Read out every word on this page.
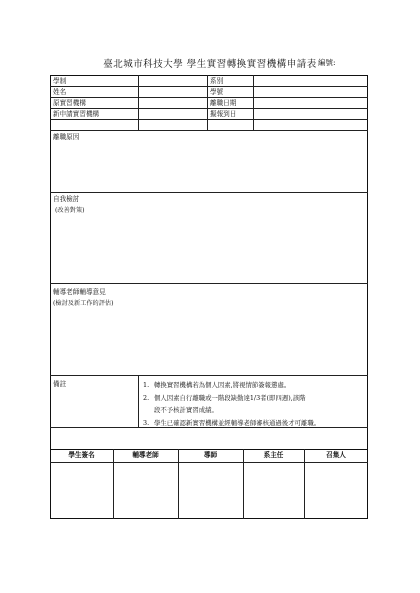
臺北城市科技大學 學生實習轉換實習機構申請表 編號:
學制	系別
姓名	學號
原實習機構	離職日期
新申請實習機構	擬報到日
離職原因
自我檢討
(改善對策)
輔導老師輔導意見
(檢討及新工作的評估)
備註	1. 轉換實習機構若為個人因素,將視情節簽報懲處。
2. 個人因素自行離職或一階段缺勤達1/3者(即四週),該階
段不予核計實習成績。
3. 學生已確認新實習機構並經輔導老師審核通過後才可離職。
學生簽名	輔導老師	導師	系主任	召集人
